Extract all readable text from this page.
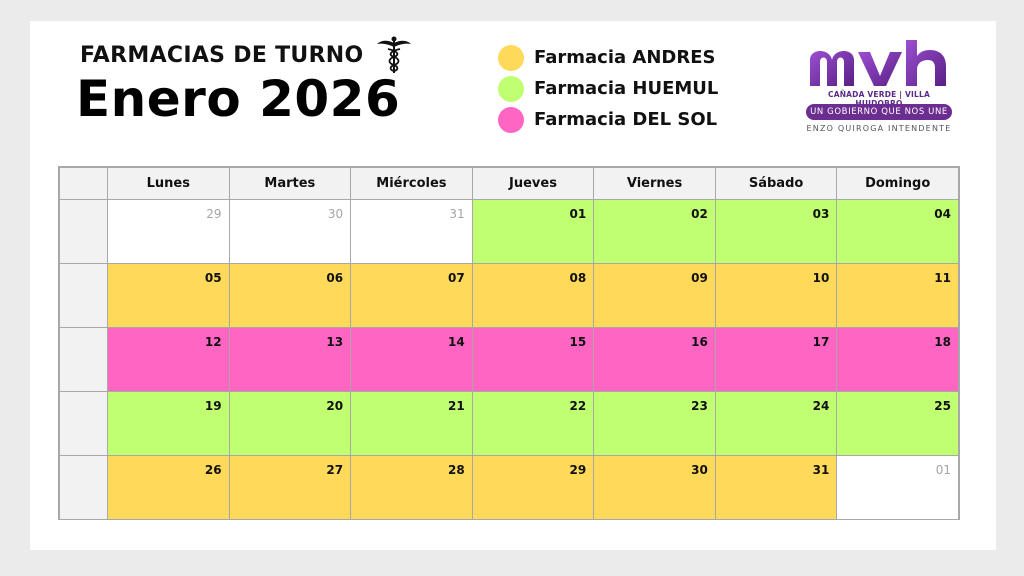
FARMACIAS DE TURNO
Enero 2026
Farmacia ANDRES
Farmacia HUEMUL
Farmacia DEL SOL
CAÑADA VERDE | VILLA
UN GOBIERNO QUE NOS UNE
ENZO QUIROGA INTENDENTE
	Lunes	Martes	Miércoles	Jueves	Viernes	Sábado	Domingo
	29	30	31	01	02	03	04
	05	06	07	08	09	10	11
	12	13	14	15	16	17	18
	19	20	21	22	23	24	25
	26	27	28	29	30	31	01
